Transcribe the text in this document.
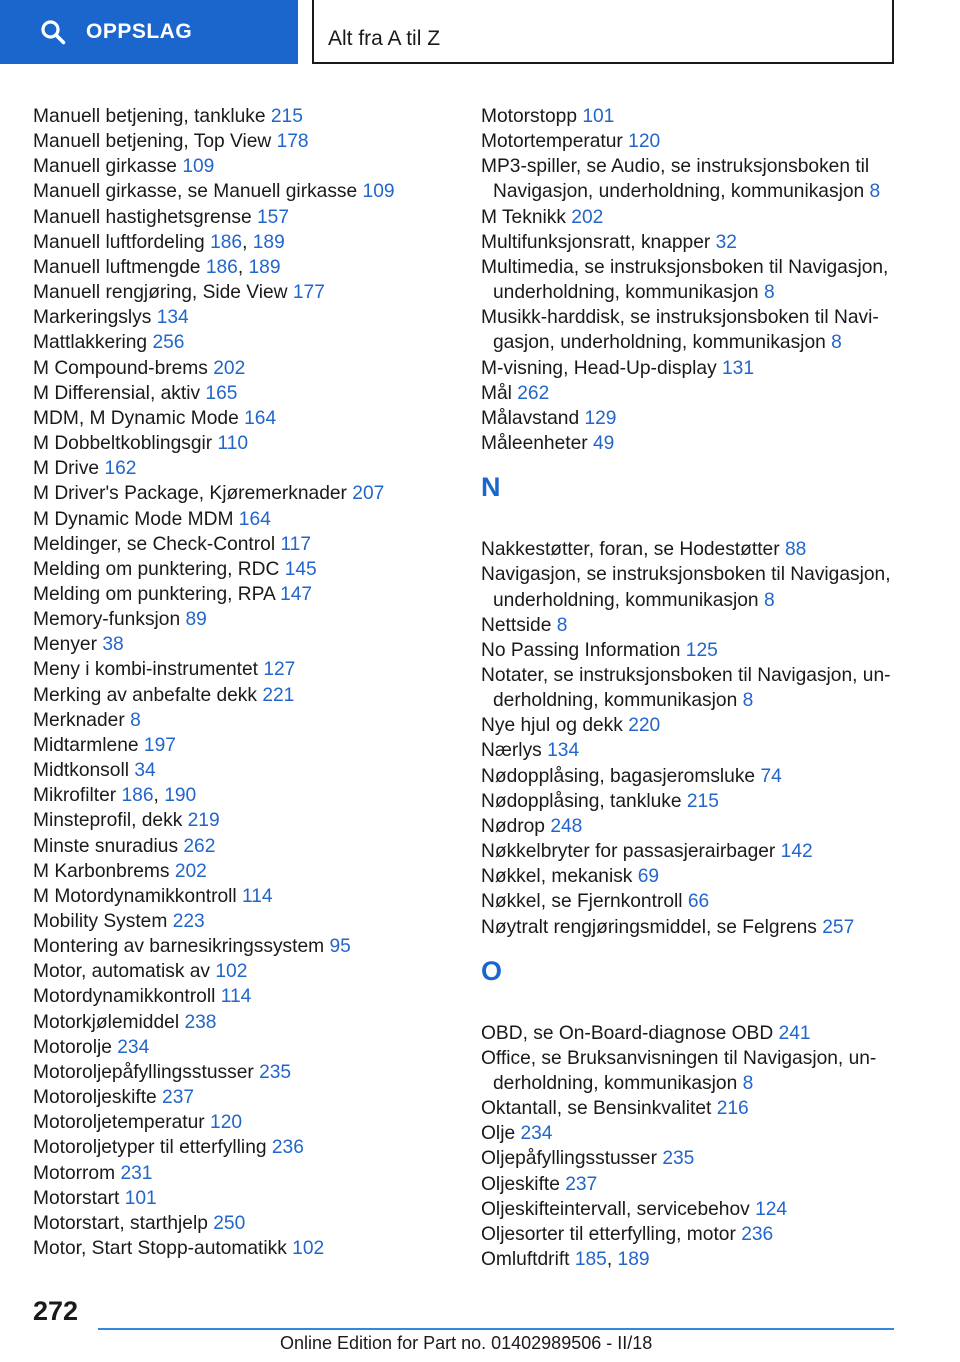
OPPSLAG	Alt fra A til Z
Manuell betjening, tankluke 215
Manuell betjening, Top View 178
Manuell girkasse 109
Manuell girkasse, se Manuell girkasse 109
Manuell hastighetsgrense 157
Manuell luftfordeling 186, 189
Manuell luftmengde 186, 189
Manuell rengjøring, Side View 177
Markeringslys 134
Mattlakkering 256
M Compound-brems 202
M Differensial, aktiv 165
MDM, M Dynamic Mode 164
M Dobbeltkoblingsgir 110
M Drive 162
M Driver's Package, Kjøremerknader 207
M Dynamic Mode MDM 164
Meldinger, se Check-Control 117
Melding om punktering, RDC 145
Melding om punktering, RPA 147
Memory-funksjon 89
Menyer 38
Meny i kombi-instrumentet 127
Merking av anbefalte dekk 221
Merknader 8
Midtarmlene 197
Midtkonsoll 34
Mikrofilter 186, 190
Minsteprofil, dekk 219
Minste snuradius 262
M Karbonbrems 202
M Motordynamikkontroll 114
Mobility System 223
Montering av barnesikringssystem 95
Motor, automatisk av 102
Motordynamikkontroll 114
Motorkjølemiddel 238
Motorolje 234
Motoroljepåfyllingsstusser 235
Motoroljeskifte 237
Motoroljetemperatur 120
Motoroljetyper til etterfylling 236
Motorrom 231
Motorstart 101
Motorstart, starthjelp 250
Motor, Start Stopp-automatikk 102
Motorstopp 101
Motortemperatur 120
MP3-spiller, se Audio, se instruksjonsboken til Navigasjon, underholdning, kommunikasjon 8
M Teknikk 202
Multifunksjonsratt, knapper 32
Multimedia, se instruksjonsboken til Navigasjon, underholdning, kommunikasjon 8
Musikk-harddisk, se instruksjonsboken til Navi-gasjon, underholdning, kommunikasjon 8
M-visning, Head-Up-display 131
Mål 262
Målavstand 129
Måleenheter 49
N
Nakkestøtter, foran, se Hodestøtter 88
Navigasjon, se instruksjonsboken til Navigasjon, underholdning, kommunikasjon 8
Nettside 8
No Passing Information 125
Notater, se instruksjonsboken til Navigasjon, un-derholdning, kommunikasjon 8
Nye hjul og dekk 220
Nærlys 134
Nødopplåsing, bagasjeromsluke 74
Nødopplåsing, tankluke 215
Nødrop 248
Nøkkelbryter for passasjerairbager 142
Nøkkel, mekanisk 69
Nøkkel, se Fjernkontroll 66
Nøytralt rengjøringsmiddel, se Felgrens 257
O
OBD, se On-Board-diagnose OBD 241
Office, se Bruksanvisningen til Navigasjon, un-derholdning, kommunikasjon 8
Oktantall, se Bensinkvalitet 216
Olje 234
Oljepåfyllingsstusser 235
Oljeskifte 237
Oljeskifteintervall, servicebehov 124
Oljesorter til etterfylling, motor 236
Omluftdrift 185, 189
272
Online Edition for Part no. 01402989506 - II/18
